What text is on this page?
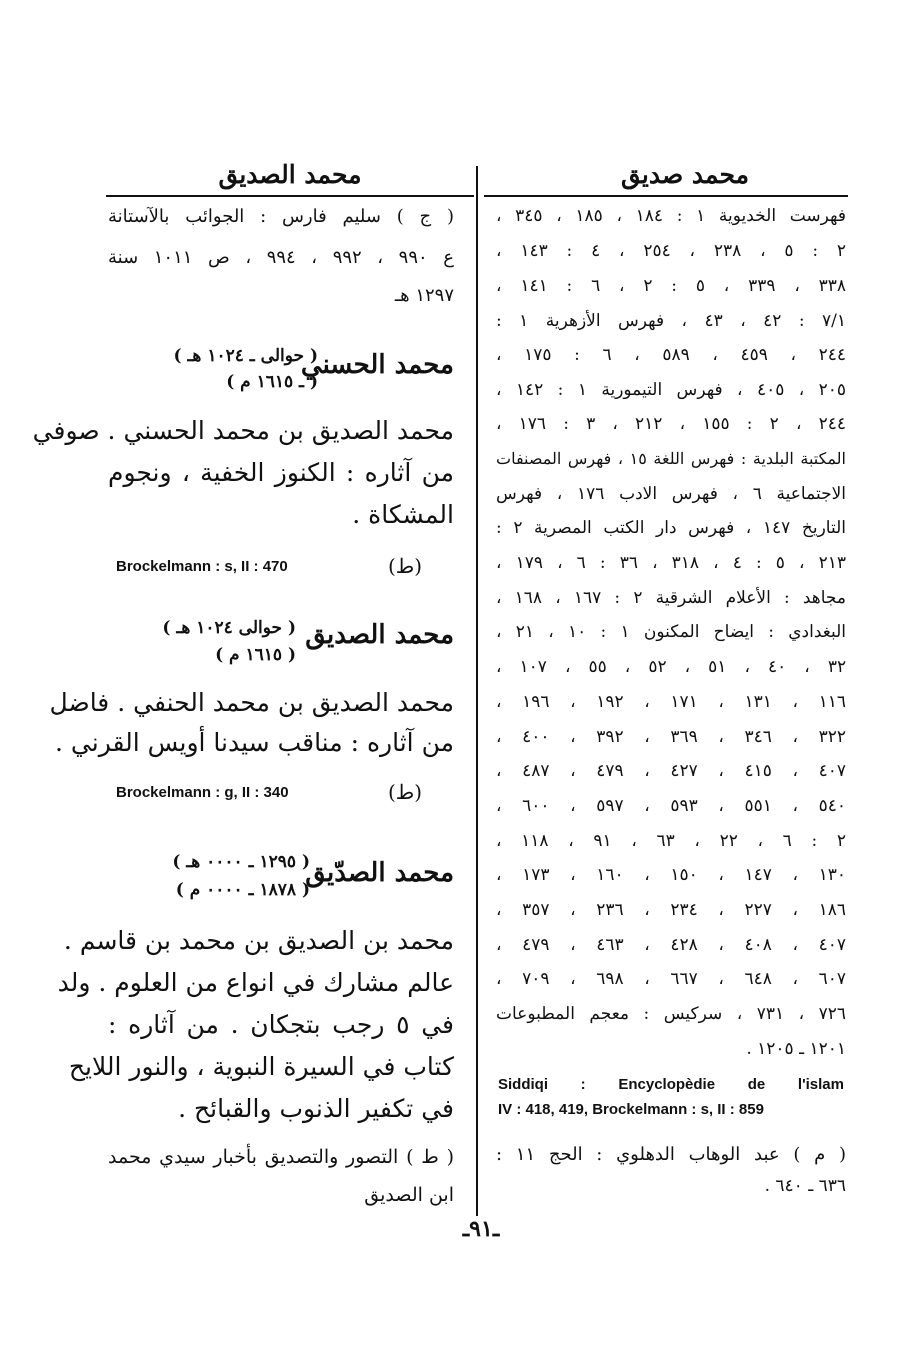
محمد صديق
محمد الصديق
فهرست الخديوية ١ : ١٨٤ ، ١٨٥ ، ٣٤٥ ،
٢ : ٥ ، ٢٣٨ ، ٢٥٤ ، ٤ : ١٤٣ ،
٣٣٨ ، ٣٣٩ ، ٥ : ٢ ، ٦ : ١٤١ ،
٧/١ : ٤٢ ، ٤٣ ، فهرس الأزهرية ١ :
٢٤٤ ، ٤٥٩ ، ٥٨٩ ، ٦ : ١٧٥ ،
٢٠٥ ، ٤٠٥ ، فهرس التيمورية ١ : ١٤٢ ،
٢٤٤ ، ٢ : ١٥٥ ، ٢١٢ ، ٣ : ١٧٦ ،
المكتبة البلدية : فهرس اللغة ١٥ ، فهرس المصنفات
الاجتماعية ٦ ، فهرس الادب ١٧٦ ، فهرس
التاريخ ١٤٧ ، فهرس دار الكتب المصرية ٢ :
٢١٣ ، ٥ : ٤ ، ٣١٨ ، ٣٦ : ٦ ، ١٧٩ ،
مجاهد : الأعلام الشرقية ٢ : ١٦٧ ، ١٦٨ ،
البغدادي : ايضاح المكنون ١ : ١٠ ، ٢١ ،
٣٢ ، ٤٠ ، ٥١ ، ٥٢ ، ٥٥ ، ١٠٧ ،
١١٦ ، ١٣١ ، ١٧١ ، ١٩٢ ، ١٩٦ ،
٣٢٢ ، ٣٤٦ ، ٣٦٩ ، ٣٩٢ ، ٤٠٠ ،
٤٠٧ ، ٤١٥ ، ٤٢٧ ، ٤٧٩ ، ٤٨٧ ،
٥٤٠ ، ٥٥١ ، ٥٩٣ ، ٥٩٧ ، ٦٠٠ ،
٢ : ٦ ، ٢٢ ، ٦٣ ، ٩١ ، ١١٨ ،
١٣٠ ، ١٤٧ ، ١٥٠ ، ١٦٠ ، ١٧٣ ،
١٨٦ ، ٢٢٧ ، ٢٣٤ ، ٢٣٦ ، ٣٥٧ ،
٤٠٧ ، ٤٠٨ ، ٤٢٨ ، ٤٦٣ ، ٤٧٩ ،
٦٠٧ ، ٦٤٨ ، ٦٦٧ ، ٦٩٨ ، ٧٠٩ ،
٧٢٦ ، ٧٣١ ، سركيس : معجم المطبوعات
١٢٠١ ـ ١٢٠٥ .
Siddiqi : Encyclopèdie de l'islam
IV : 418, 419, Brockelmann : s, II : 859
( م ) عبد الوهاب الدهلوي : الحج ١١ :
٦٣٦ ـ ٦٤٠ .
( ج ) سليم فارس : الجوائب بالآستانة
ع ٩٩٠ ، ٩٩٢ ، ٩٩٤ ، ص ١٠١١ سنة
١٢٩٧ هـ
محمد الحسني
( حوالى ـ ١٠٢٤ هـ )
( ـ ١٦١٥ م )
محمد الصديق بن محمد الحسني . صوفي
من آثاره : الكنوز الخفية ، ونجوم
المشكاة .
(ط)
Brockelmann : s, II : 470
محمد الصديق
( حوالى ١٠٢٤ هـ )
( ١٦١٥ م )
محمد الصديق بن محمد الحنفي . فاضل
من آثاره : مناقب سيدنا أويس القرني .
(ط)
Brockelmann : g, II : 340
محمد الصدّيق
( ١٢٩٥ ـ ٠٠٠٠ هـ )
( ١٨٧٨ ـ ٠٠٠٠ م )
محمد بن الصديق بن محمد بن قاسم .
عالم مشارك في انواع من العلوم . ولد
في ٥ رجب بتجكان . من آثاره :
كتاب في السيرة النبوية ، والنور اللايح
في تكفير الذنوب والقبائح .
( ط ) التصور والتصديق بأخبار سيدي محمد
ابن الصديق
ـ٩١ـ
